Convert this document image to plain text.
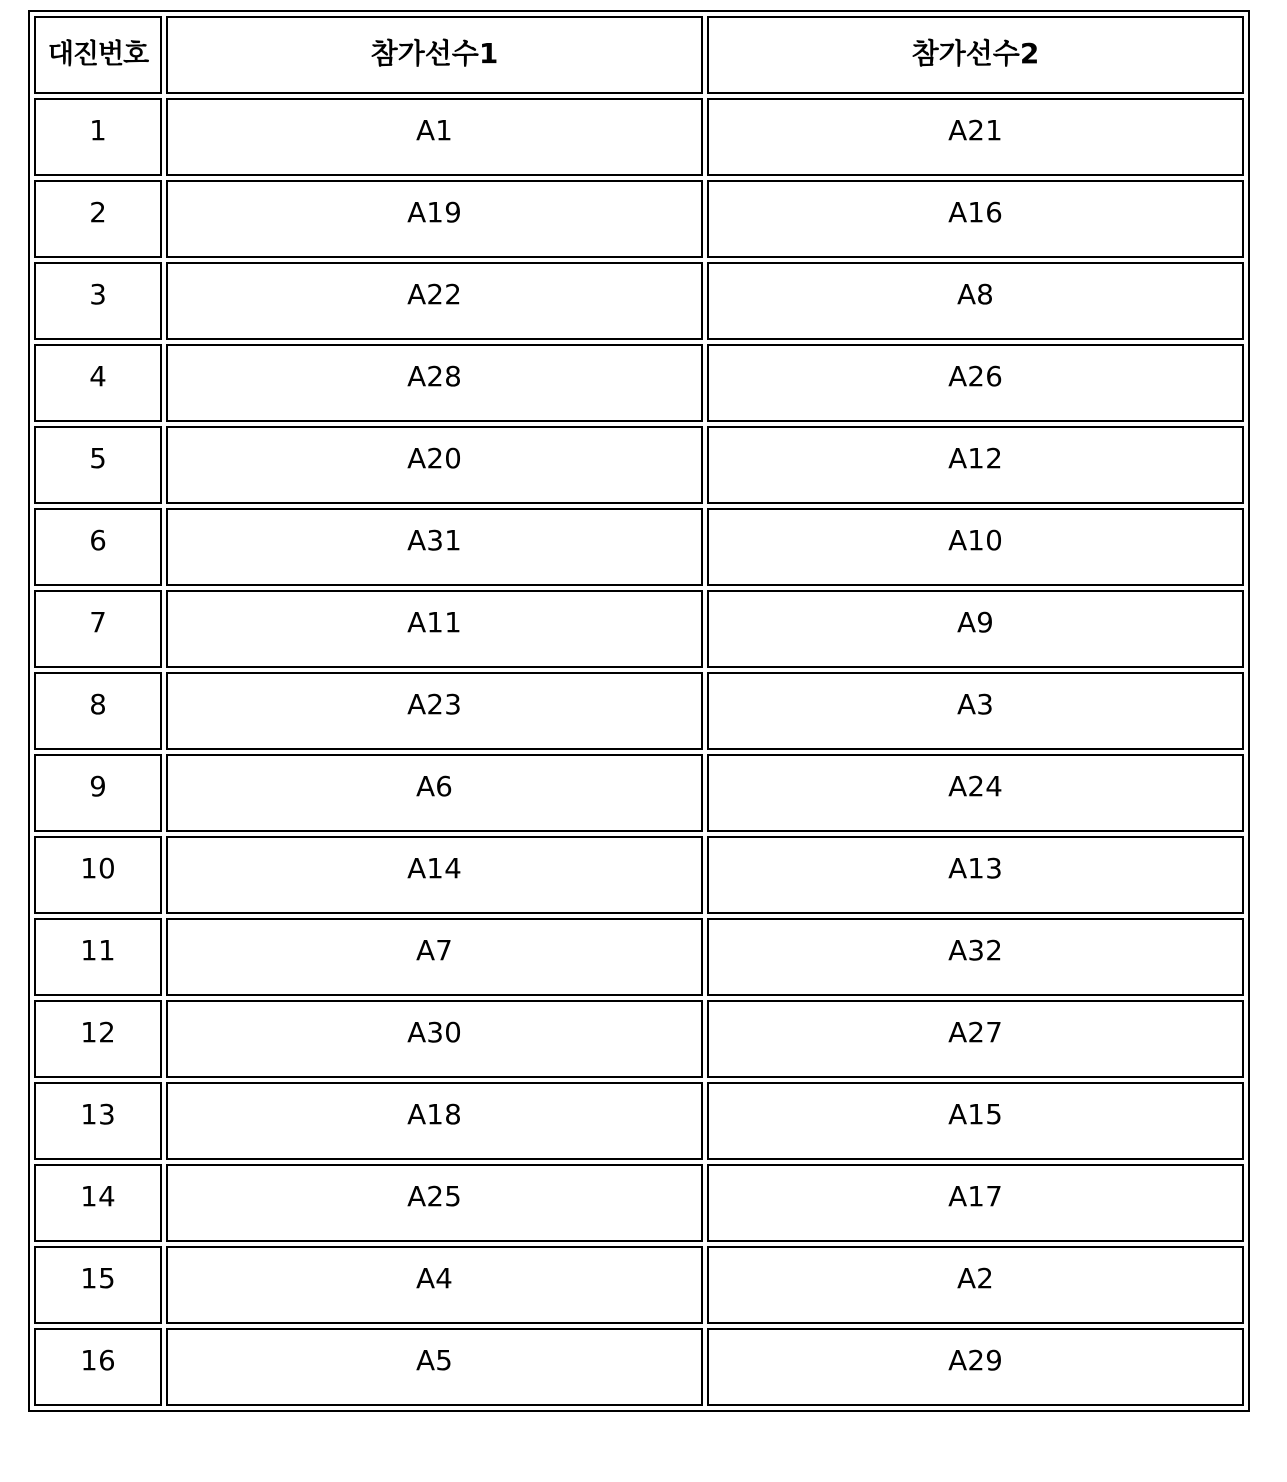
대진번호	참가선수1	참가선수2
1	A1	A21
2	A19	A16
3	A22	A8
4	A28	A26
5	A20	A12
6	A31	A10
7	A11	A9
8	A23	A3
9	A6	A24
10	A14	A13
11	A7	A32
12	A30	A27
13	A18	A15
14	A25	A17
15	A4	A2
16	A5	A29
